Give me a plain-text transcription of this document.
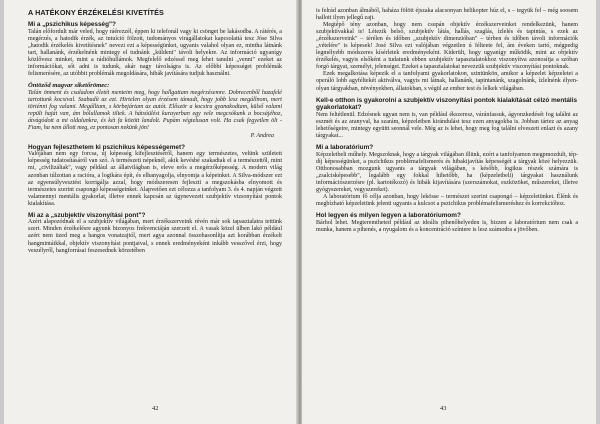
A HATÉKONY ÉRZÉKELÉSI KIVETÍTÉS
Mi a „pszichikus képesség"?

Talán előfordult már veled, hogy ráérezzél, éppen ki telefonál vagy ki csönget be lakásodba. A rátérés, a megérzés, a hatodik érzék, az intuíció fölzott, tudományos virágállatokat kapcsolattá tesz Jóse Silva „hatodik érzékelés kivetítésnek" nevezi ezt a képességünket, ugyanis valahol olyan ez, mintha látnánk tart, hallanánk, érzékelnénk mintegy el tudnánk „küldeni" távoli helyekre. Az információ ugyanígy közlővesz minket, mint a rádióhullámok. Megfelelő edzéssel meg lehet tanulni „venni" ezeket az információkat, sőt adni is tudunk, akár nagy távolságra is. Az előbbi képességet problémák felismerésére, az utóbbit problémák megoldására, hibák javítására tudjuk használni.

Öntöződ magvar siketőrömec:

Talán önmeni és csaladom életét menteim meg, hogy hallgattam megérzésemre. Dobrecenből hazafelé tartottunk kocsival. Szabadít az ezt. Hirtelen olyan érzésem támadt, hogy jobb lesz megállnom, mert történni fog valami. Megálltam, s körbejártam az autót. Először a kocsira gyanakodtam, külső valami repült haját van, ám bólullamok tiltek. A hátsóülést kurayerban egy vele megcsókunk a bocsájéhoz, átvágódott a mi oldalunkra, és két fa között landolt. Pupám végtelusan volt. Ha csak fegyetlen ölt - Fiam, ha nem állott meg, ez pontosan nekünk jön!

P. Andrea
Hogyan fejleszthetem ki pszichikus képességemet?

Valójában nem egy forcsa, új képesség kifejlesztéséről, hanem egy természetes, velünk született képesség tudatosításáról van szó. A természeti népeknél, akik kevésbé szakadtak el a természettől, mint mi, „civilizáltak", vagy például az állatvilágban is, eleve erős a megérzőképesség. A modern világ azonban túlzottan a racióra, a logikára épít, és elhanyagolja, elnyomja a képeinket. A Silva-módszer ezt az egyensúlyvesztést korrigálja azzal, hogy módszeresen fejleszti a megszokásba elnyomott és természetes szerint csapongó képességeinket. Alapvetően ezt célozza a tanfolyam 3. és 4. napján végzett valamennyi mentális gyakorlat, illetve ennek kapcsán az úgynevezett szubjektív vizsonyítási pontok kialakítása.

Mi az a „szubjektív viszonyítási pont"?

Azért alapozódnak el a szubjektív világában, mert érzékszerveink révén már sok tapasztalatra tettünk szert. Minden érzékelésre agyunk bizonyos frekvenciáján szerzett el. A vasak közel ülben lakó például azért nem üzed meg a hangos vonatzajtól, mert agya azonnal összehasonlítja azt korábban érzékelt hangmintáikkal, objektív viszonyítási pontjaival, s ennek eredményeként inkább vesszővel érzi, hogy veszélyről, hangforrásai feszesednek körzetében

42

is felrád azonban álmából, haháza fölött éjszaka alacsonyan helikopter húz el, s – tegyük fel – még soosem hallott ilyen jellegű zajt.

Megtépő tény azonban, hogy nem csupán objektív érzékszerveinket rendelkezünk, hanem szubjektívakkal is! Létezik belső, szubjektív látás, hallás, szaglás, ízlelés és tapintás, s ezek az „érzékszerveink" – térélen és időben „szubjektív dimenzióban" – térben és időben távoli információk „vételére" is képesek! José Silva ezt valójában végzetlen ú félteete fel, ám éveken tartó, mégpedig legmélyebb módszeres kísérletek eredményeként. Kiderült, hogy ugyanígy működik, mint az objektív érzékelés, vagyis elsőként a tudatunk ebben szubjektív tapasztalatokhoz viszonyítva azonosítja a szóban forgó tárgyat, személyt, jelenséget. Ezeket a tapasztalatokat nevezzük szubjektív viszonyítási pontoknak.

Ezek megalkotása képezik el a tanfolyami gyakorlatokon, szintünkön, amikor a képzelet képzeletei a operáló lobb agyféltekét aktiválva, vagyis mi látnak, hallanánk, tapintanánk, szagolnánk, ízlelnénk élyen-olyan tárgyakban, növényekben, állatokban, s végül az ember test és lelkek világában.

Kell-e otthon is gyakorolni a szubjektív viszonyítási pontok kialakítását célzó mentális gyakorlatokat?

Nem feltétlenül. Edzésnek ugyan nem is, van például ékszeresz, váránfassuk, ágyonzkedését fog találni az eszmét és az aranyval, ha szarám, képzeletben kirándulást tesz ezen anyagokba is. Jobban tártez az anyag lehetőségeire, mintegy együttt seonnál vele. Még az is lehet, hogy meg fog találni elveszett enlazt és azany tárgyakat...

Mi a laboratórium?

Képzeletbeli műhely. Megszoknak, hogy a tárgyak világában illünk, ezért a tanfolyamon megpmozdult, tép-díj képességünket, a pszichikus problémafelismerés és hibakijavítás képességét a tárgyak közé helyezzük. Otthonosabban mozgunk ugyanis a tárgyak világában, s később, logikus részek számára is „zsalcisképesebb", legalább egy fokkal hihetőbb, ha (képzeletbeli) tárgyakat használunk információszerzésre (pl. kartotékozó) és hibák kijavítására (szerszámokat, eszközöket, műszereket, illetve gyógyszereket, vegyszereket).

A laboratórium fő célja azonban, hogy lekösse – természet szerint csapongó – képzeletünket. Élénk és megbízható képzeletünk jelenti ugyanis a kulcsot a pszichikus problémafelismeréshez és korrekcióhoz.

Hol legyen és milyen legyen a laboratóriumom?

Bárhol lehet. Megteremtheted például az ideális pihenőhelyeden is, bizzen a laboratórium nem csak a munka, hanem a pihenés, a nyugalom és a koncentráció színtere is lesz számodra a jövőben.

43
